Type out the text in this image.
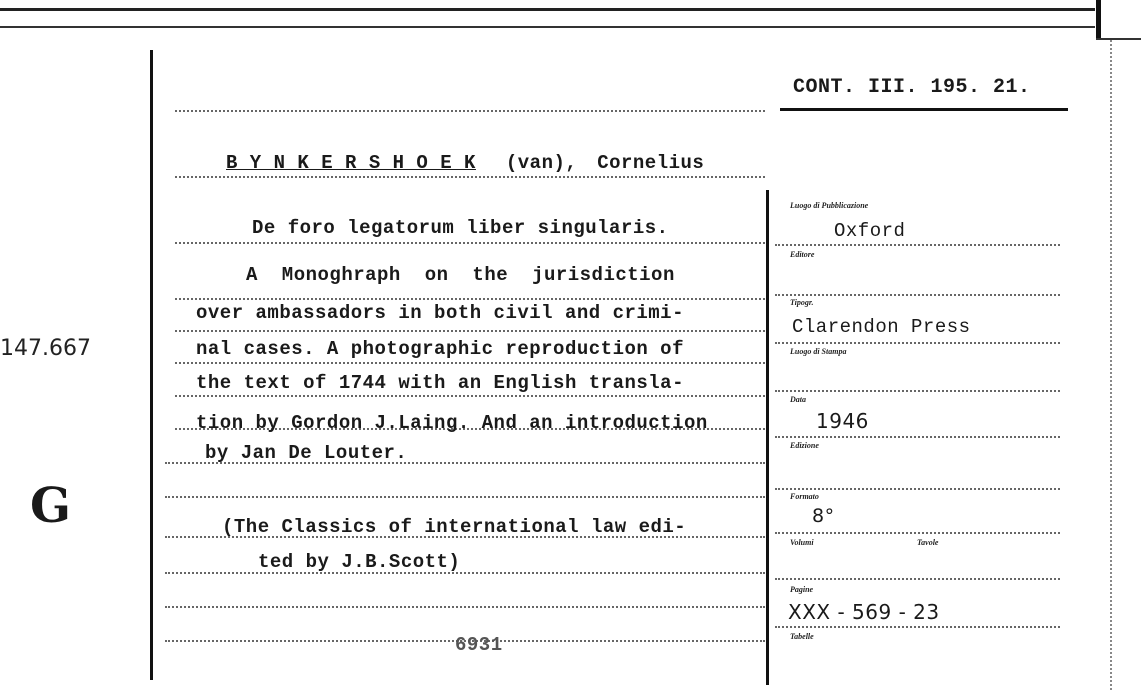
147.667
G
CONT. III. 195. 21.
B Y N K E R S H O E K (van), Cornelius
De foro legatorum liber singularis.
A Monoghraph on the jurisdiction
over ambassadors in both civil and crimi-
nal cases. A photographic reproduction of
the text of 1744 with an English transla-
tion by Gordon J.Laing. And an introduction
by Jan De Louter.
(The Classics of international law edi-
ted by J.B.Scott)
6931
Luogo di Pubblicazione
Oxford
Editore
Tipogr.
Clarendon Press
Luogo di Stampa
Data
1946
Edizione
Formato
8°
Volumi	Tavole
Pagine
XXX - 569 - 23
Tabelle
